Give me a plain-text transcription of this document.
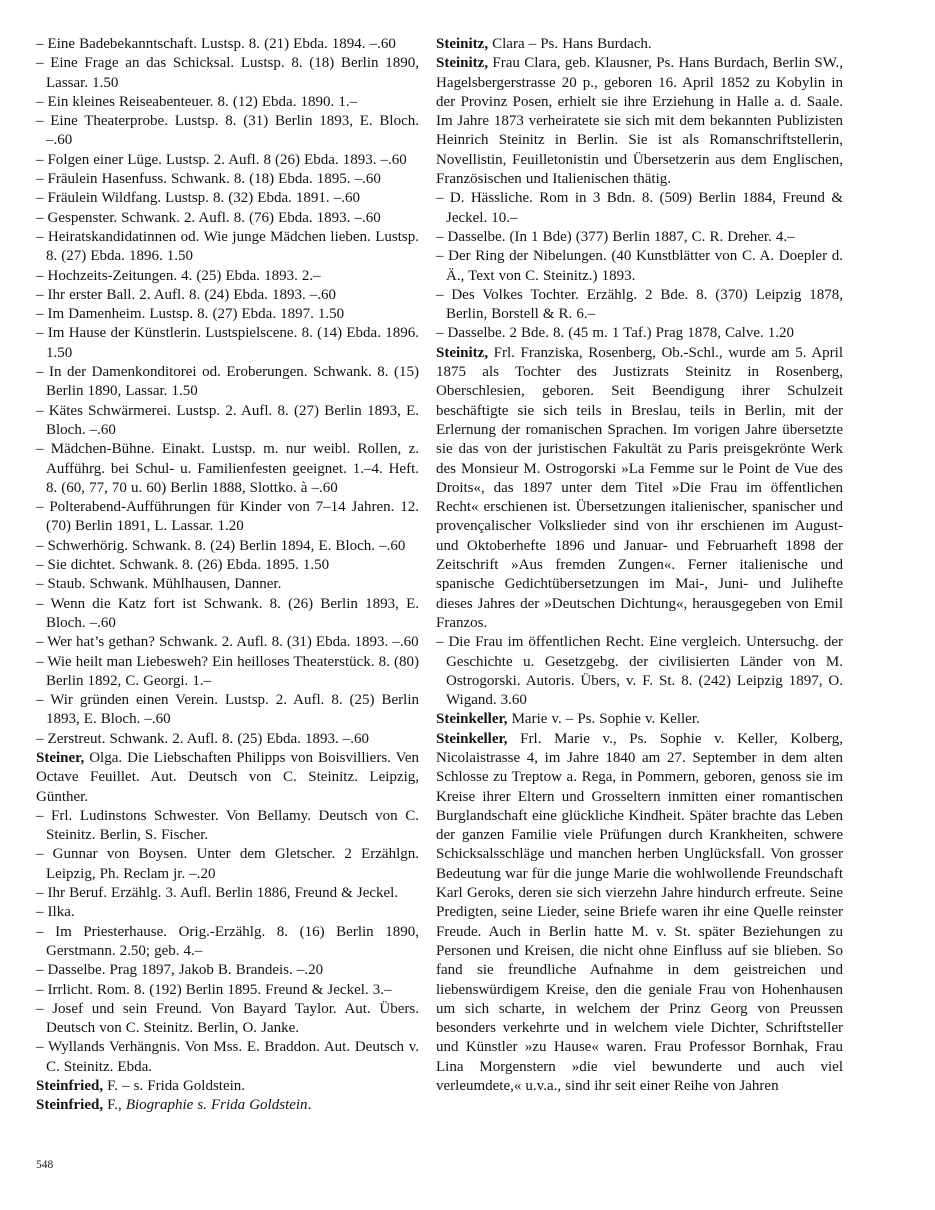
– Eine Badebekanntschaft. Lustsp. 8. (21) Ebda. 1894. –.60

– Eine Frage an das Schicksal. Lustsp. 8. (18) Berlin 1890, Lassar. 1.50

– Ein kleines Reiseabenteuer. 8. (12) Ebda. 1890. 1.–

– Eine Theaterprobe. Lustsp. 8. (31) Berlin 1893, E. Bloch. –.60

– Folgen einer Lüge. Lustsp. 2. Aufl. 8 (26) Ebda. 1893. –.60

– Fräulein Hasenfuss. Schwank. 8. (18) Ebda. 1895. –.60

– Fräulein Wildfang. Lustsp. 8. (32) Ebda. 1891. –.60

– Gespenster. Schwank. 2. Aufl. 8. (76) Ebda. 1893. –.60

– Heiratskandidatinnen od. Wie junge Mädchen lieben. Lustsp. 8. (27) Ebda. 1896. 1.50

– Hochzeits-Zeitungen. 4. (25) Ebda. 1893. 2.–

– Ihr erster Ball. 2. Aufl. 8. (24) Ebda. 1893. –.60

– Im Damenheim. Lustsp. 8. (27) Ebda. 1897. 1.50

– Im Hause der Künstlerin. Lustspielscene. 8. (14) Ebda. 1896. 1.50

– In der Damenkonditorei od. Eroberungen. Schwank. 8. (15) Berlin 1890, Lassar. 1.50

– Kätes Schwärmerei. Lustsp. 2. Aufl. 8. (27) Berlin 1893, E. Bloch. –.60

– Mädchen-Bühne. Einakt. Lustsp. m. nur weibl. Rollen, z. Aufführg. bei Schul- u. Familienfesten geeignet. 1.–4. Heft. 8. (60, 77, 70 u. 60) Berlin 1888, Slottko. à –.60

– Polterabend-Aufführungen für Kinder von 7–14 Jahren. 12. (70) Berlin 1891, L. Lassar. 1.20

– Schwerhörig. Schwank. 8. (24) Berlin 1894, E. Bloch. –.60

– Sie dichtet. Schwank. 8. (26) Ebda. 1895. 1.50

– Staub. Schwank. Mühlhausen, Danner.

– Wenn die Katz fort ist Schwank. 8. (26) Berlin 1893, E. Bloch. –.60

– Wer hat’s gethan? Schwank. 2. Aufl. 8. (31) Ebda. 1893. –.60

– Wie heilt man Liebesweh? Ein heilloses Theaterstück. 8. (80) Berlin 1892, C. Georgi. 1.–

– Wir gründen einen Verein. Lustsp. 2. Aufl. 8. (25) Berlin 1893, E. Bloch. –.60

– Zerstreut. Schwank. 2. Aufl. 8. (25) Ebda. 1893. –.60

Steiner, Olga. Die Liebschaften Philipps von Boisvilliers. Ven Octave Feuillet. Aut. Deutsch von C. Steinitz. Leipzig, Günther.

– Frl. Ludinstons Schwester. Von Bellamy. Deutsch von C. Steinitz. Berlin, S. Fischer.

– Gunnar von Boysen. Unter dem Gletscher. 2 Erzählgn. Leipzig, Ph. Reclam jr. –.20

– Ihr Beruf. Erzählg. 3. Aufl. Berlin 1886, Freund & Jeckel.

– Ilka.

– Im Priesterhause. Orig.-Erzählg. 8. (16) Berlin 1890, Gerstmann. 2.50; geb. 4.–

– Dasselbe. Prag 1897, Jakob B. Brandeis. –.20

– Irrlicht. Rom. 8. (192) Berlin 1895. Freund & Jeckel. 3.–

– Josef und sein Freund. Von Bayard Taylor. Aut. Übers. Deutsch von C. Steinitz. Berlin, O. Janke.

– Wyllands Verhängnis. Von Mss. E. Braddon. Aut. Deutsch v. C. Steinitz. Ebda.

Steinfried, F. – s. Frida Goldstein.

Steinfried, F., Biographie s. Frida Goldstein.

Steinitz, Clara – Ps. Hans Burdach.

Steinitz, Frau Clara, geb. Klausner, Ps. Hans Burdach, Berlin SW., Hagelsbergerstrasse 20 p., geboren 16. April 1852 zu Kobylin in der Provinz Posen, erhielt sie ihre Erziehung in Halle a. d. Saale. Im Jahre 1873 verheiratete sie sich mit dem bekannten Publizisten Heinrich Steinitz in Berlin. Sie ist als Romanschriftstellerin, Novellistin, Feuilletonistin und Übersetzerin aus dem Englischen, Französischen und Italienischen thätig.

– D. Hässliche. Rom in 3 Bdn. 8. (509) Berlin 1884, Freund & Jeckel. 10.–

– Dasselbe. (In 1 Bde) (377) Berlin 1887, C. R. Dreher. 4.–

– Der Ring der Nibelungen. (40 Kunstblätter von C. A. Doepler d. Ä., Text von C. Steinitz.) 1893.

– Des Volkes Tochter. Erzählg. 2 Bde. 8. (370) Leipzig 1878, Berlin, Borstell & R. 6.–

– Dasselbe. 2 Bde. 8. (45 m. 1 Taf.) Prag 1878, Calve. 1.20

Steinitz, Frl. Franziska, Rosenberg, Ob.-Schl., wurde am 5. April 1875 als Tochter des Justizrats Steinitz in Rosenberg, Oberschlesien, geboren. Seit Beendigung ihrer Schulzeit beschäftigte sie sich teils in Breslau, teils in Berlin, mit der Erlernung der romanischen Sprachen. Im vorigen Jahre übersetzte sie das von der juristischen Fakultät zu Paris preisgekrönte Werk des Monsieur M. Ostrogorski »La Femme sur le Point de Vue des Droits«, das 1897 unter dem Titel »Die Frau im öffentlichen Recht« erschienen ist. Übersetzungen italienischer, spanischer und provençalischer Volkslieder sind von ihr erschienen im August- und Oktoberhefte 1896 und Januar- und Februarheft 1898 der Zeitschrift »Aus fremden Zungen«. Ferner italienische und spanische Gedichtübersetzungen im Mai-, Juni- und Julihefte dieses Jahres der »Deutschen Dichtung«, herausgegeben von Emil Franzos.

– Die Frau im öffentlichen Recht. Eine vergleich. Untersuchg. der Geschichte u. Gesetzgebg. der civilisierten Länder von M. Ostrogorski. Autoris. Übers, v. F. St. 8. (242) Leipzig 1897, O. Wigand. 3.60

Steinkeller, Marie v. – Ps. Sophie v. Keller.

Steinkeller, Frl. Marie v., Ps. Sophie v. Keller, Kolberg, Nicolaistrasse 4, im Jahre 1840 am 27. September in dem alten Schlosse zu Treptow a. Rega, in Pommern, geboren, genoss sie im Kreise ihrer Eltern und Grosseltern inmitten einer romantischen Burglandschaft eine glückliche Kindheit. Später brachte das Leben der ganzen Familie viele Prüfungen durch Krankheiten, schwere Schicksalsschläge und manchen herben Unglücksfall. Von grosser Bedeutung war für die junge Marie die wohlwollende Freundschaft Karl Geroks, deren sie sich vierzehn Jahre hindurch erfreute. Seine Predigten, seine Lieder, seine Briefe waren ihr eine Quelle reinster Freude. Auch in Berlin hatte M. v. St. später Beziehungen zu Personen und Kreisen, die nicht ohne Einfluss auf sie blieben. So fand sie freundliche Aufnahme in dem geistreichen und liebenswürdigem Kreise, den die geniale Frau von Hohenhausen um sich scharte, in welchem der Prinz Georg von Preussen besonders verkehrte und in welchem viele Dichter, Schriftsteller und Künstler »zu Hause« waren. Frau Professor Bornhak, Frau Lina Morgenstern »die viel bewunderte und auch viel verleumdete,« u.v.a., sind ihr seit einer Reihe von Jahren

548
